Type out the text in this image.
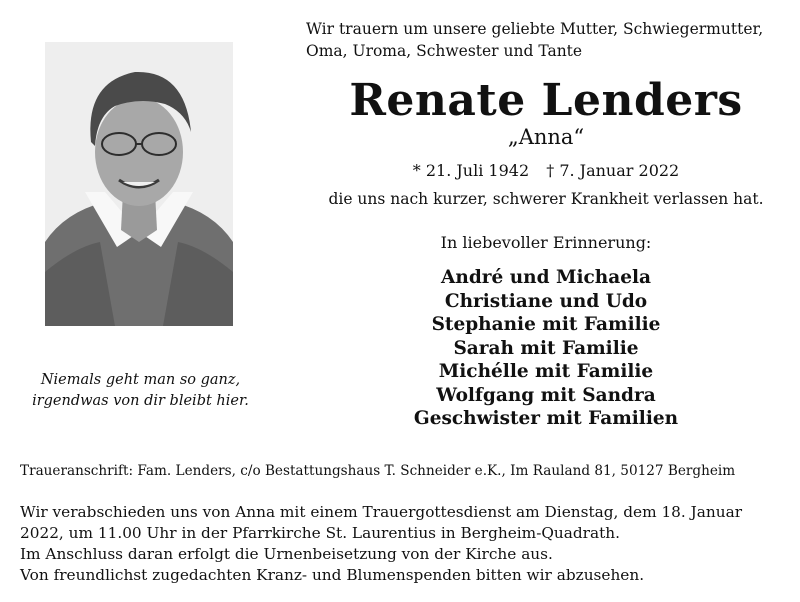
Wir trauern um unsere geliebte Mutter, Schwiegermutter,
Oma, Uroma, Schwester und Tante
Renate Lenders
„Anna“
* 21. Juli 1942 † 7. Januar 2022
die uns nach kurzer, schwerer Krankheit verlassen hat.
In liebevoller Erinnerung:
André und Michaela
Christiane und Udo
Stephanie mit Familie
Sarah mit Familie
Michélle mit Familie
Wolfgang mit Sandra
Geschwister mit Familien
Niemals geht man so ganz,
irgendwas von dir bleibt hier.
Traueranschrift: Fam. Lenders, c/o Bestattungshaus T. Schneider e.K., Im Rauland 81, 50127 Bergheim
Wir verabschieden uns von Anna mit einem Trauergottesdienst am Dienstag, dem 18. Januar
2022, um 11.00 Uhr in der Pfarrkirche St. Laurentius in Bergheim-Quadrath.
Im Anschluss daran erfolgt die Urnenbeisetzung von der Kirche aus.
Von freundlichst zugedachten Kranz- und Blumenspenden bitten wir abzusehen.
